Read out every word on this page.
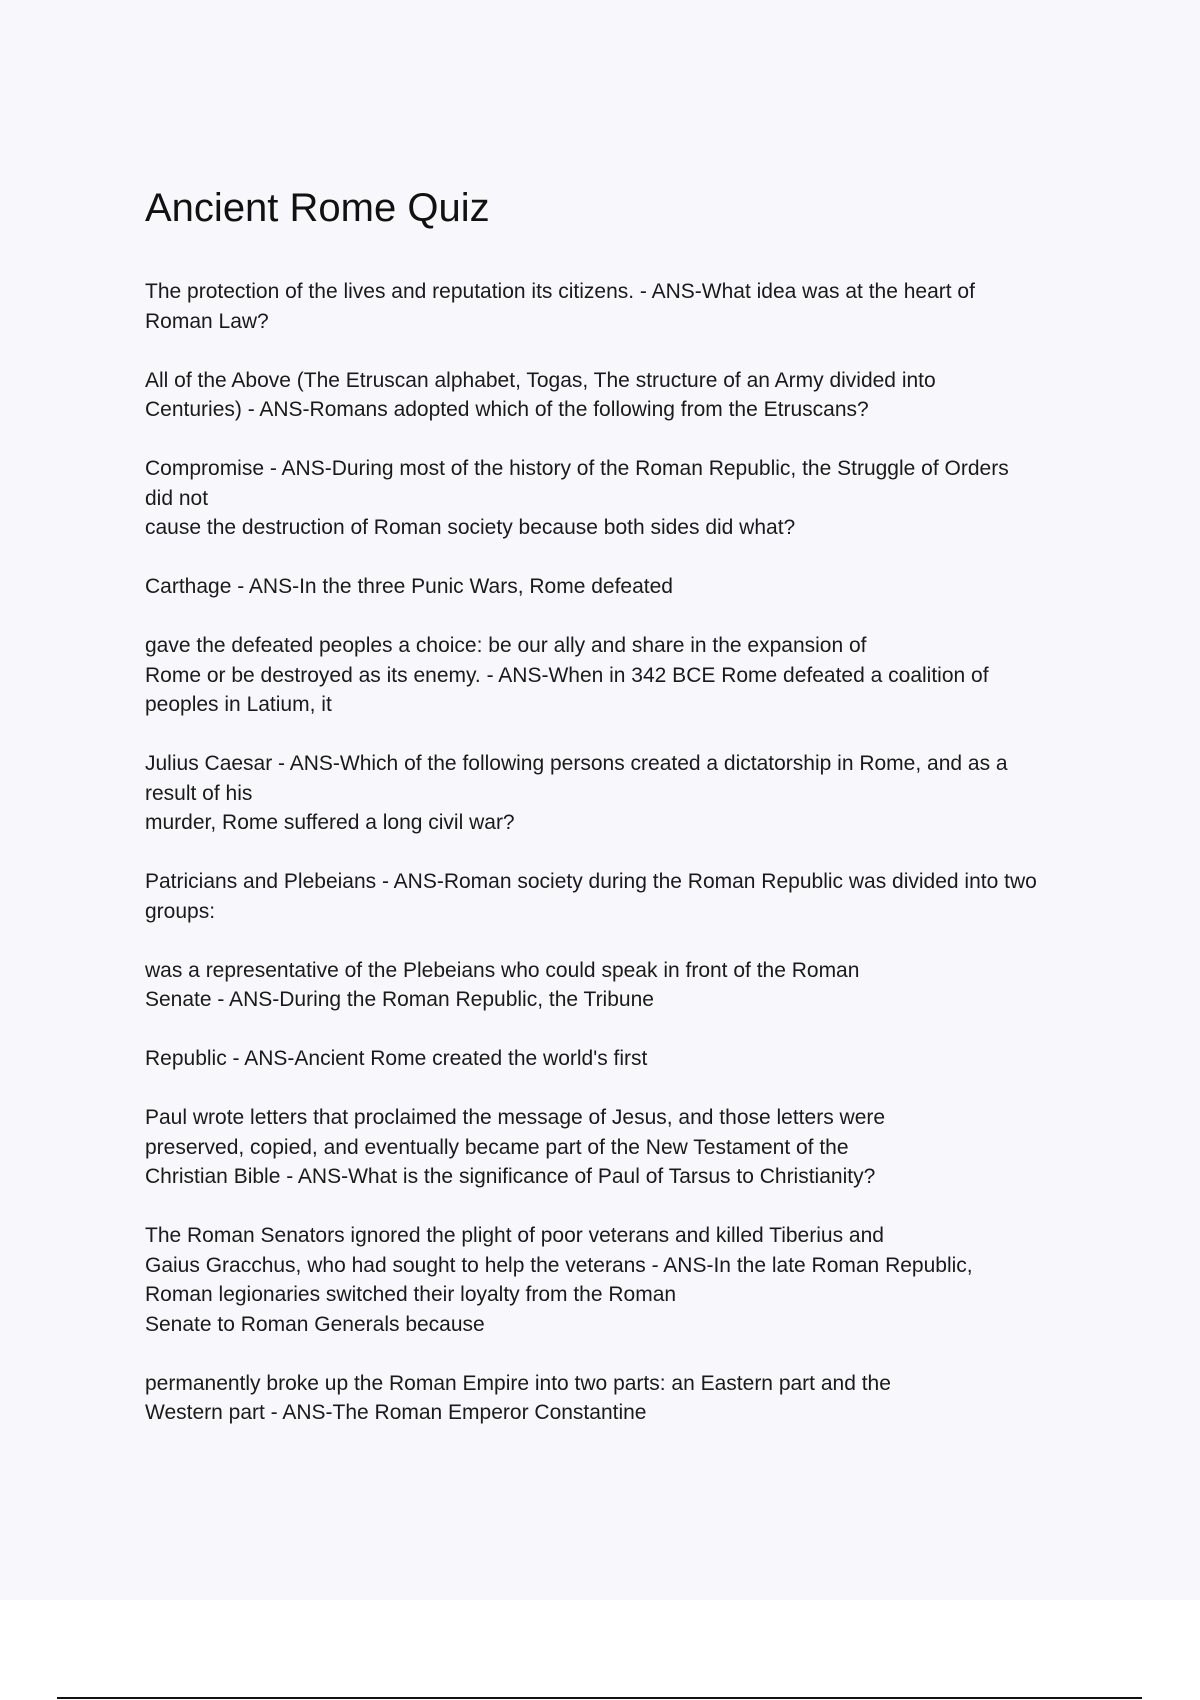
Ancient Rome Quiz

The protection of the lives and reputation its citizens. - ANS-What idea was at the heart of
Roman Law?

All of the Above (The Etruscan alphabet, Togas, The structure of an Army divided into
Centuries) - ANS-Romans adopted which of the following from the Etruscans?

Compromise - ANS-During most of the history of the Roman Republic, the Struggle of Orders
did not
cause the destruction of Roman society because both sides did what?

Carthage - ANS-In the three Punic Wars, Rome defeated

gave the defeated peoples a choice: be our ally and share in the expansion of
Rome or be destroyed as its enemy. - ANS-When in 342 BCE Rome defeated a coalition of
peoples in Latium, it

Julius Caesar - ANS-Which of the following persons created a dictatorship in Rome, and as a
result of his
murder, Rome suffered a long civil war?

Patricians and Plebeians - ANS-Roman society during the Roman Republic was divided into two
groups:

was a representative of the Plebeians who could speak in front of the Roman
Senate - ANS-During the Roman Republic, the Tribune

Republic - ANS-Ancient Rome created the world's first

Paul wrote letters that proclaimed the message of Jesus, and those letters were
preserved, copied, and eventually became part of the New Testament of the
Christian Bible - ANS-What is the significance of Paul of Tarsus to Christianity?

The Roman Senators ignored the plight of poor veterans and killed Tiberius and
Gaius Gracchus, who had sought to help the veterans - ANS-In the late Roman Republic,
Roman legionaries switched their loyalty from the Roman
Senate to Roman Generals because

permanently broke up the Roman Empire into two parts: an Eastern part and the
Western part - ANS-The Roman Emperor Constantine
